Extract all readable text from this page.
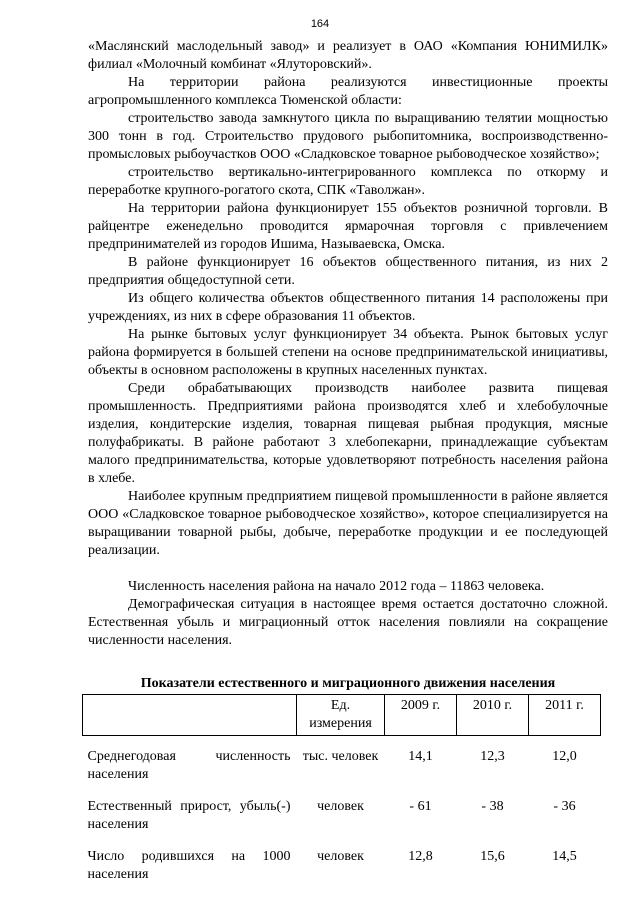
164

«Маслянский маслодельный завод» и реализует в ОАО «Компания ЮНИМИЛК» филиал «Молочный комбинат «Ялуторовский».

На территории района реализуются инвестиционные проекты агропромышленного комплекса Тюменской области:

строительство завода замкнутого цикла по выращиванию телятии мощностью 300 тонн в год. Строительство прудового рыбопитомника, воспроизводственно-промысловых рыбоучастков ООО «Сладковское товарное рыбоводческое хозяйство»;

строительство вертикально-интегрированного комплекса по откорму и переработке крупного-рогатого скота, СПК «Таволжан».

На территории района функционирует 155 объектов розничной торговли. В райцентре еженедельно проводится ярмарочная торговля с привлечением предпринимателей из городов Ишима, Называевска, Омска.

В районе функционирует 16 объектов общественного питания, из них 2 предприятия общедоступной сети.

Из общего количества объектов общественного питания 14 расположены при учреждениях, из них в сфере образования 11 объектов.

На рынке бытовых услуг функционирует 34 объекта. Рынок бытовых услуг района формируется в большей степени на основе предпринимательской инициативы, объекты в основном расположены в крупных населенных пунктах.

Среди обрабатывающих производств наиболее развита пищевая промышленность. Предприятиями района производятся хлеб и хлебобулочные изделия, кондитерские изделия, товарная пищевая рыбная продукция, мясные полуфабрикаты. В районе работают 3 хлебопекарни, принадлежащие субъектам малого предпринимательства, которые удовлетворяют потребность населения района в хлебе.

Наиболее крупным предприятием пищевой промышленности в районе является ООО «Сладковское товарное рыбоводческое хозяйство», которое специализируется на выращивании товарной рыбы, добыче, переработке продукции и ее последующей реализации.

Численность населения района на начало 2012 года – 11863 человека.

Демографическая ситуация в настоящее время остается достаточно сложной. Естественная убыль и миграционный отток населения повлияли на сокращение численности населения.

Показатели естественного и миграционного движения населения
	Ед. измерения	2009 г.	2010 г.	2011 г.
Среднегодовая численность населения	тыс. человек	14,1	12,3	12,0
Естественный прирост, убыль(-) населения	человек	- 61	- 38	- 36
Число родившихся на 1000 населения	человек	12,8	15,6	14,5
